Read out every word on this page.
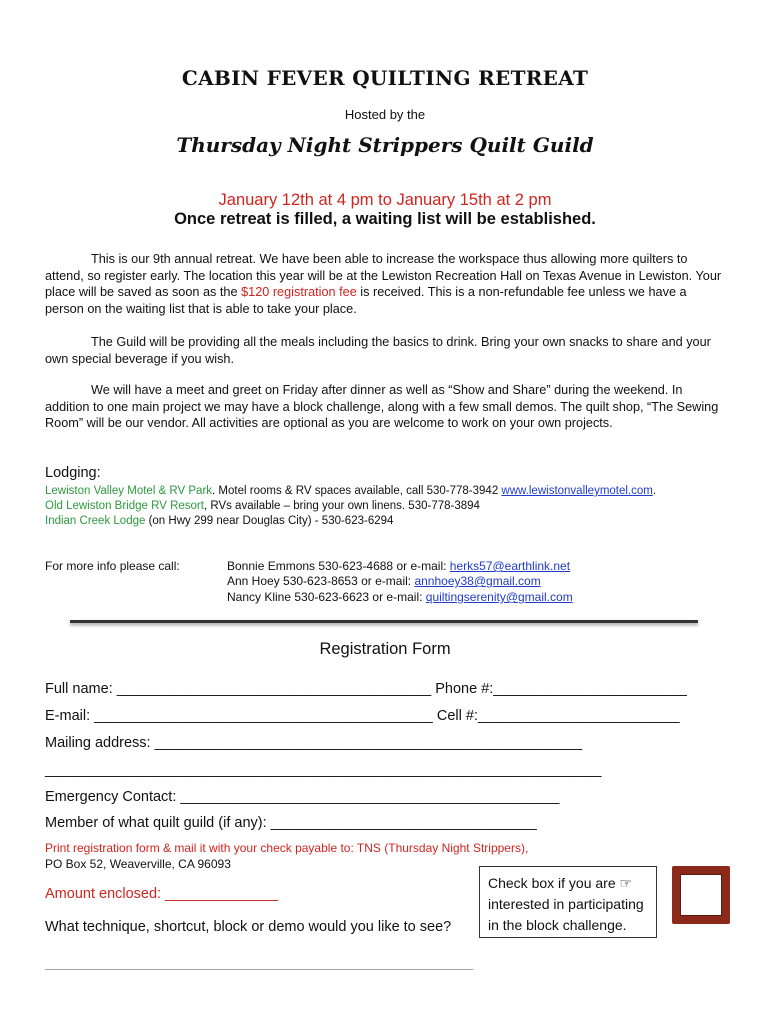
CABIN FEVER QUILTING RETREAT
Hosted by the
Thursday Night Strippers Quilt Guild
January 12th at 4 pm to January 15th at 2 pm
Once retreat is filled, a waiting list will be established.
This is our 9th annual retreat. We have been able to increase the workspace thus allowing more quilters to attend, so register early. The location this year will be at the Lewiston Recreation Hall on Texas Avenue in Lewiston. Your place will be saved as soon as the $120 registration fee is received. This is a non-refundable fee unless we have a person on the waiting list that is able to take your place.
The Guild will be providing all the meals including the basics to drink. Bring your own snacks to share and your own special beverage if you wish.
We will have a meet and greet on Friday after dinner as well as “Show and Share” during the weekend. In addition to one main project we may have a block challenge, along with a few small demos. The quilt shop, “The Sewing Room” will be our vendor. All activities are optional as you are welcome to work on your own projects.
Lodging:
Lewiston Valley Motel & RV Park. Motel rooms & RV spaces available, call 530-778-3942 www.lewistonvalleymotel.com.
Old Lewiston Bridge RV Resort, RVs available – bring your own linens. 530-778-3894
Indian Creek Lodge (on Hwy 299 near Douglas City) - 530-623-6294
For more info please call:	Bonnie Emmons 530-623-4688 or e-mail: herks57@earthlink.net
Ann Hoey 530-623-8653 or e-mail: annhoey38@gmail.com
Nancy Kline 530-623-6623 or e-mail: quiltingserenity@gmail.com
Registration Form
Full name: _______________________________________ Phone #:________________________
E-mail: __________________________________________ Cell #:_________________________
Mailing address: _____________________________________________________
_____________________________________________________________________
Emergency Contact: _______________________________________________
Member of what quilt guild (if any): _________________________________
Print registration form & mail it with your check payable to: TNS (Thursday Night Strippers),
PO Box 52, Weaverville, CA 96093
Amount enclosed: ______________
What technique, shortcut, block or demo would you like to see?
_______________________________________________________
Check box if you are ☞ interested in participating in the block challenge.
